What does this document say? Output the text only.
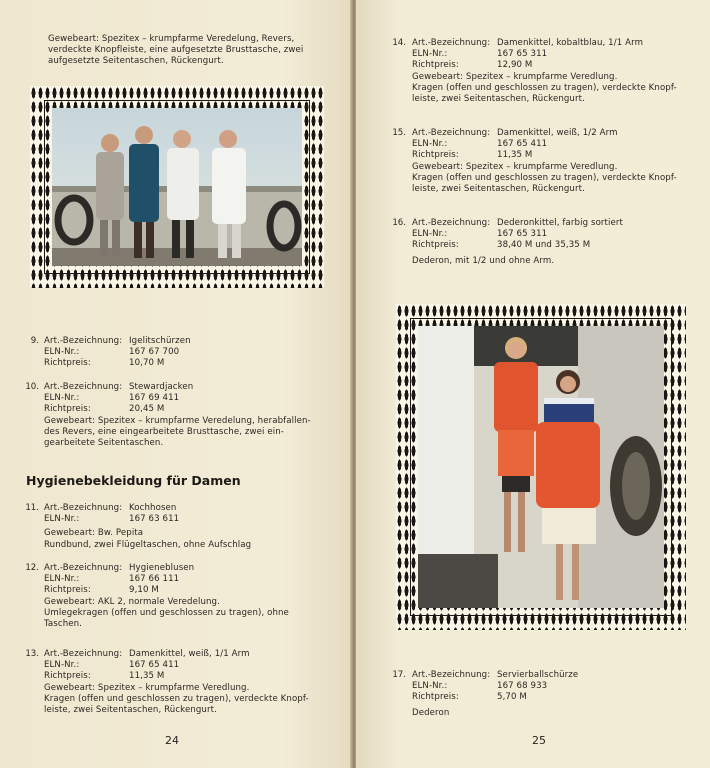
Gewebeart: Spezitex – krumpfarme Veredelung, Revers,
verdeckte Knopfleiste, eine aufgesetzte Brusttasche, zwei
aufgesetzte Seitentaschen, Rückengurt.
9. Art.-Bezeichnung: Igelitschürzen
ELN-Nr.:	167 67 700
Richtpreis:	10,70 M
10. Art.-Bezeichnung: Stewardjacken
ELN-Nr.:	167 69 411
Richtpreis:	20,45 M
Gewebeart: Spezitex – krumpfarme Veredelung, herabfallen-
des Revers, eine eingearbeitete Brusttasche, zwei ein-
gearbeitete Seitentaschen.
Hygienebekleidung für Damen
11. Art.-Bezeichnung: Kochhosen
ELN-Nr.:	167 63 611
Gewebeart: Bw. Pepita
Rundbund, zwei Flügeltaschen, ohne Aufschlag
12. Art.-Bezeichnung: Hygieneblusen
ELN-Nr.:	167 66 111
Richtpreis:	9,10 M
Gewebeart: AKL 2, normale Veredelung.
Umlegekragen (offen und geschlossen zu tragen), ohne
Taschen.
13. Art.-Bezeichnung: Damenkittel, weiß, 1/1 Arm
ELN-Nr.:	167 65 411
Richtpreis:	11,35 M
Gewebeart: Spezitex – krumpfarme Veredlung.
Kragen (offen und geschlossen zu tragen), verdeckte Knopf-
leiste, zwei Seitentaschen, Rückengurt.
24
14. Art.-Bezeichnung: Damenkittel, kobaltblau, 1/1 Arm
ELN-Nr.:	167 65 311
Richtpreis:	12,90 M
Gewebeart: Spezitex – krumpfarme Veredlung.
Kragen (offen und geschlossen zu tragen), verdeckte Knopf-
leiste, zwei Seitentaschen, Rückengurt.
15. Art.-Bezeichnung: Damenkittel, weiß, 1/2 Arm
ELN-Nr.:	167 65 411
Richtpreis:	11,35 M
Gewebeart: Spezitex – krumpfarme Veredlung.
Kragen (offen und geschlossen zu tragen), verdeckte Knopf-
leiste, zwei Seitentaschen, Rückengurt.
16. Art.-Bezeichnung: Dederonkittel, farbig sortiert
ELN-Nr.:	167 65 311
Richtpreis:	38,40 M und 35,35 M
Dederon, mit 1/2 und ohne Arm.
17. Art.-Bezeichnung: Servierballschürze
ELN-Nr.:	167 68 933
Richtpreis:	5,70 M
Dederon
25
